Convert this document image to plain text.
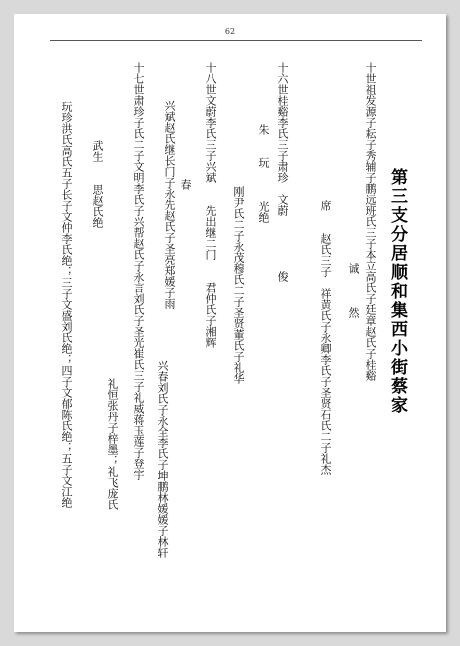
62
第三支分居顺和集西小街蔡家
十世祖发源子耘子秀辅子鹏远班氏三子本立高氏子廷章赵氏子桂谿
诚　　　然
席　　赵氏三子　祥黄氏子永卿李氏子圣贤石氏二子礼杰
十六世桂谿李氏三子肃珍　文蔚　　　　　俊
朱　　玩　　　光绝
刚尹氏二子永茂穆氏二子圣贤董氏子礼华
十八世文蔚李氏三子兴斌　　先出继二门　　君仲氏子湘辉
春
兴斌赵氏继长门子永先赵氏子圣亮郑媛子雨
十七世肃珍子氏二子文明李氏子兴帮赵氏子永言刘氏子圣光崔氏三子礼威蒋玉莲子登宇 兴春刘氏子永全李氏子坤鹏林媛媛子林轩
礼恒张丹子梓墨；礼飞庞氏
武生　　思赵氏绝
玩珍洪氏高氏五子长子文仲李氏绝；三子文盛刘氏绝；四子文郁陈氏绝；五子文江绝
